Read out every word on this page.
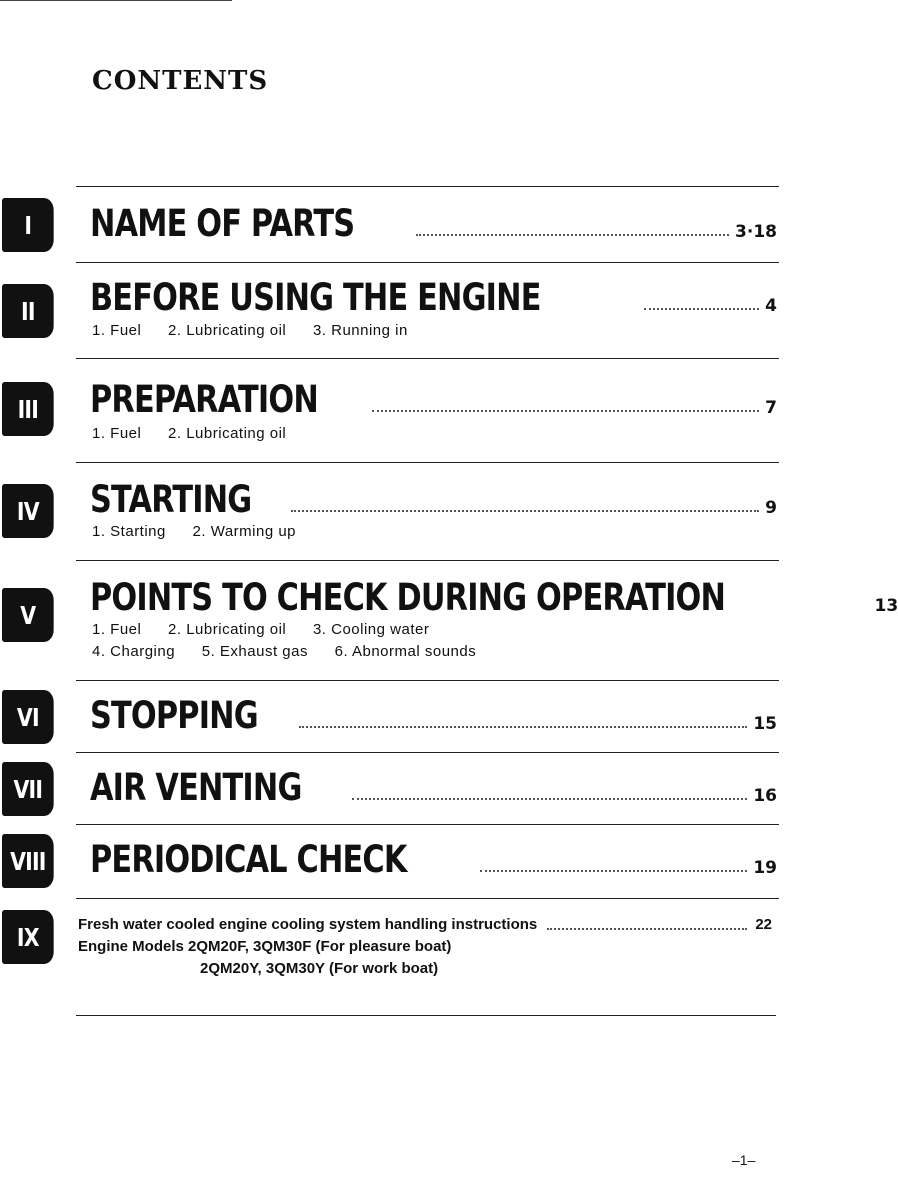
CONTENTS
I	NAME OF PARTS	3·18
II	BEFORE USING THE ENGINE	4
1. Fuel 2. Lubricating oil 3. Running in
III	PREPARATION	7
1. Fuel 2. Lubricating oil
IV	STARTING	9
1. Starting 2. Warming up
V	POINTS TO CHECK DURING OPERATION	13
1. Fuel 2. Lubricating oil 3. Cooling water
4. Charging 5. Exhaust gas 6. Abnormal sounds
VI	STOPPING	15
VII	AIR VENTING	16
VIII PERIODICAL CHECK	19
IX	Fresh water cooled engine cooling system handling instructions	22
Engine Models 2QM20F, 3QM30F (For pleasure boat)
2QM20Y, 3QM30Y (For work boat)
–1–
